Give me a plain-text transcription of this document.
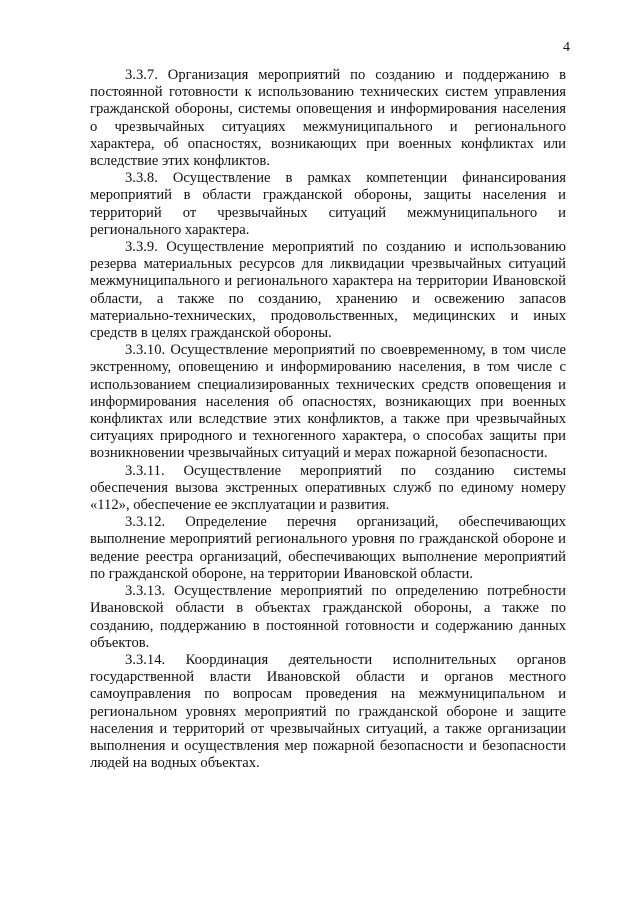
4

3.3.7. Организация мероприятий по созданию и поддержанию в постоянной готовности к использованию технических систем управления гражданской обороны, системы оповещения и информирования населения о чрезвычайных ситуациях межмуниципального и регионального характера, об опасностях, возникающих при военных конфликтах или вследствие этих конфликтов.

3.3.8. Осуществление в рамках компетенции финансирования мероприятий в области гражданской обороны, защиты населения и территорий от чрезвычайных ситуаций межмуниципального и регионального характера.

3.3.9. Осуществление мероприятий по созданию и использованию резерва материальных ресурсов для ликвидации чрезвычайных ситуаций межмуниципального и регионального характера на территории Ивановской области, а также по созданию, хранению и освежению запасов материально-технических, продовольственных, медицинских и иных средств в целях гражданской обороны.

3.3.10. Осуществление мероприятий по своевременному, в том числе экстренному, оповещению и информированию населения, в том числе с использованием специализированных технических средств оповещения и информирования населения об опасностях, возникающих при военных конфликтах или вследствие этих конфликтов, а также при чрезвычайных ситуациях природного и техногенного характера, о способах защиты при возникновении чрезвычайных ситуаций и мерах пожарной безопасности.

3.3.11. Осуществление мероприятий по созданию системы обеспечения вызова экстренных оперативных служб по единому номеру «112», обеспечение ее эксплуатации и развития.

3.3.12. Определение перечня организаций, обеспечивающих выполнение мероприятий регионального уровня по гражданской обороне и ведение реестра организаций, обеспечивающих выполнение мероприятий по гражданской обороне, на территории Ивановской области.

3.3.13. Осуществление мероприятий по определению потребности Ивановской области в объектах гражданской обороны, а также по созданию, поддержанию в постоянной готовности и содержанию данных объектов.

3.3.14. Координация деятельности исполнительных органов государственной власти Ивановской области и органов местного самоуправления по вопросам проведения на межмуниципальном и региональном уровнях мероприятий по гражданской обороне и защите населения и территорий от чрезвычайных ситуаций, а также организации выполнения и осуществления мер пожарной безопасности и безопасности людей на водных объектах.
